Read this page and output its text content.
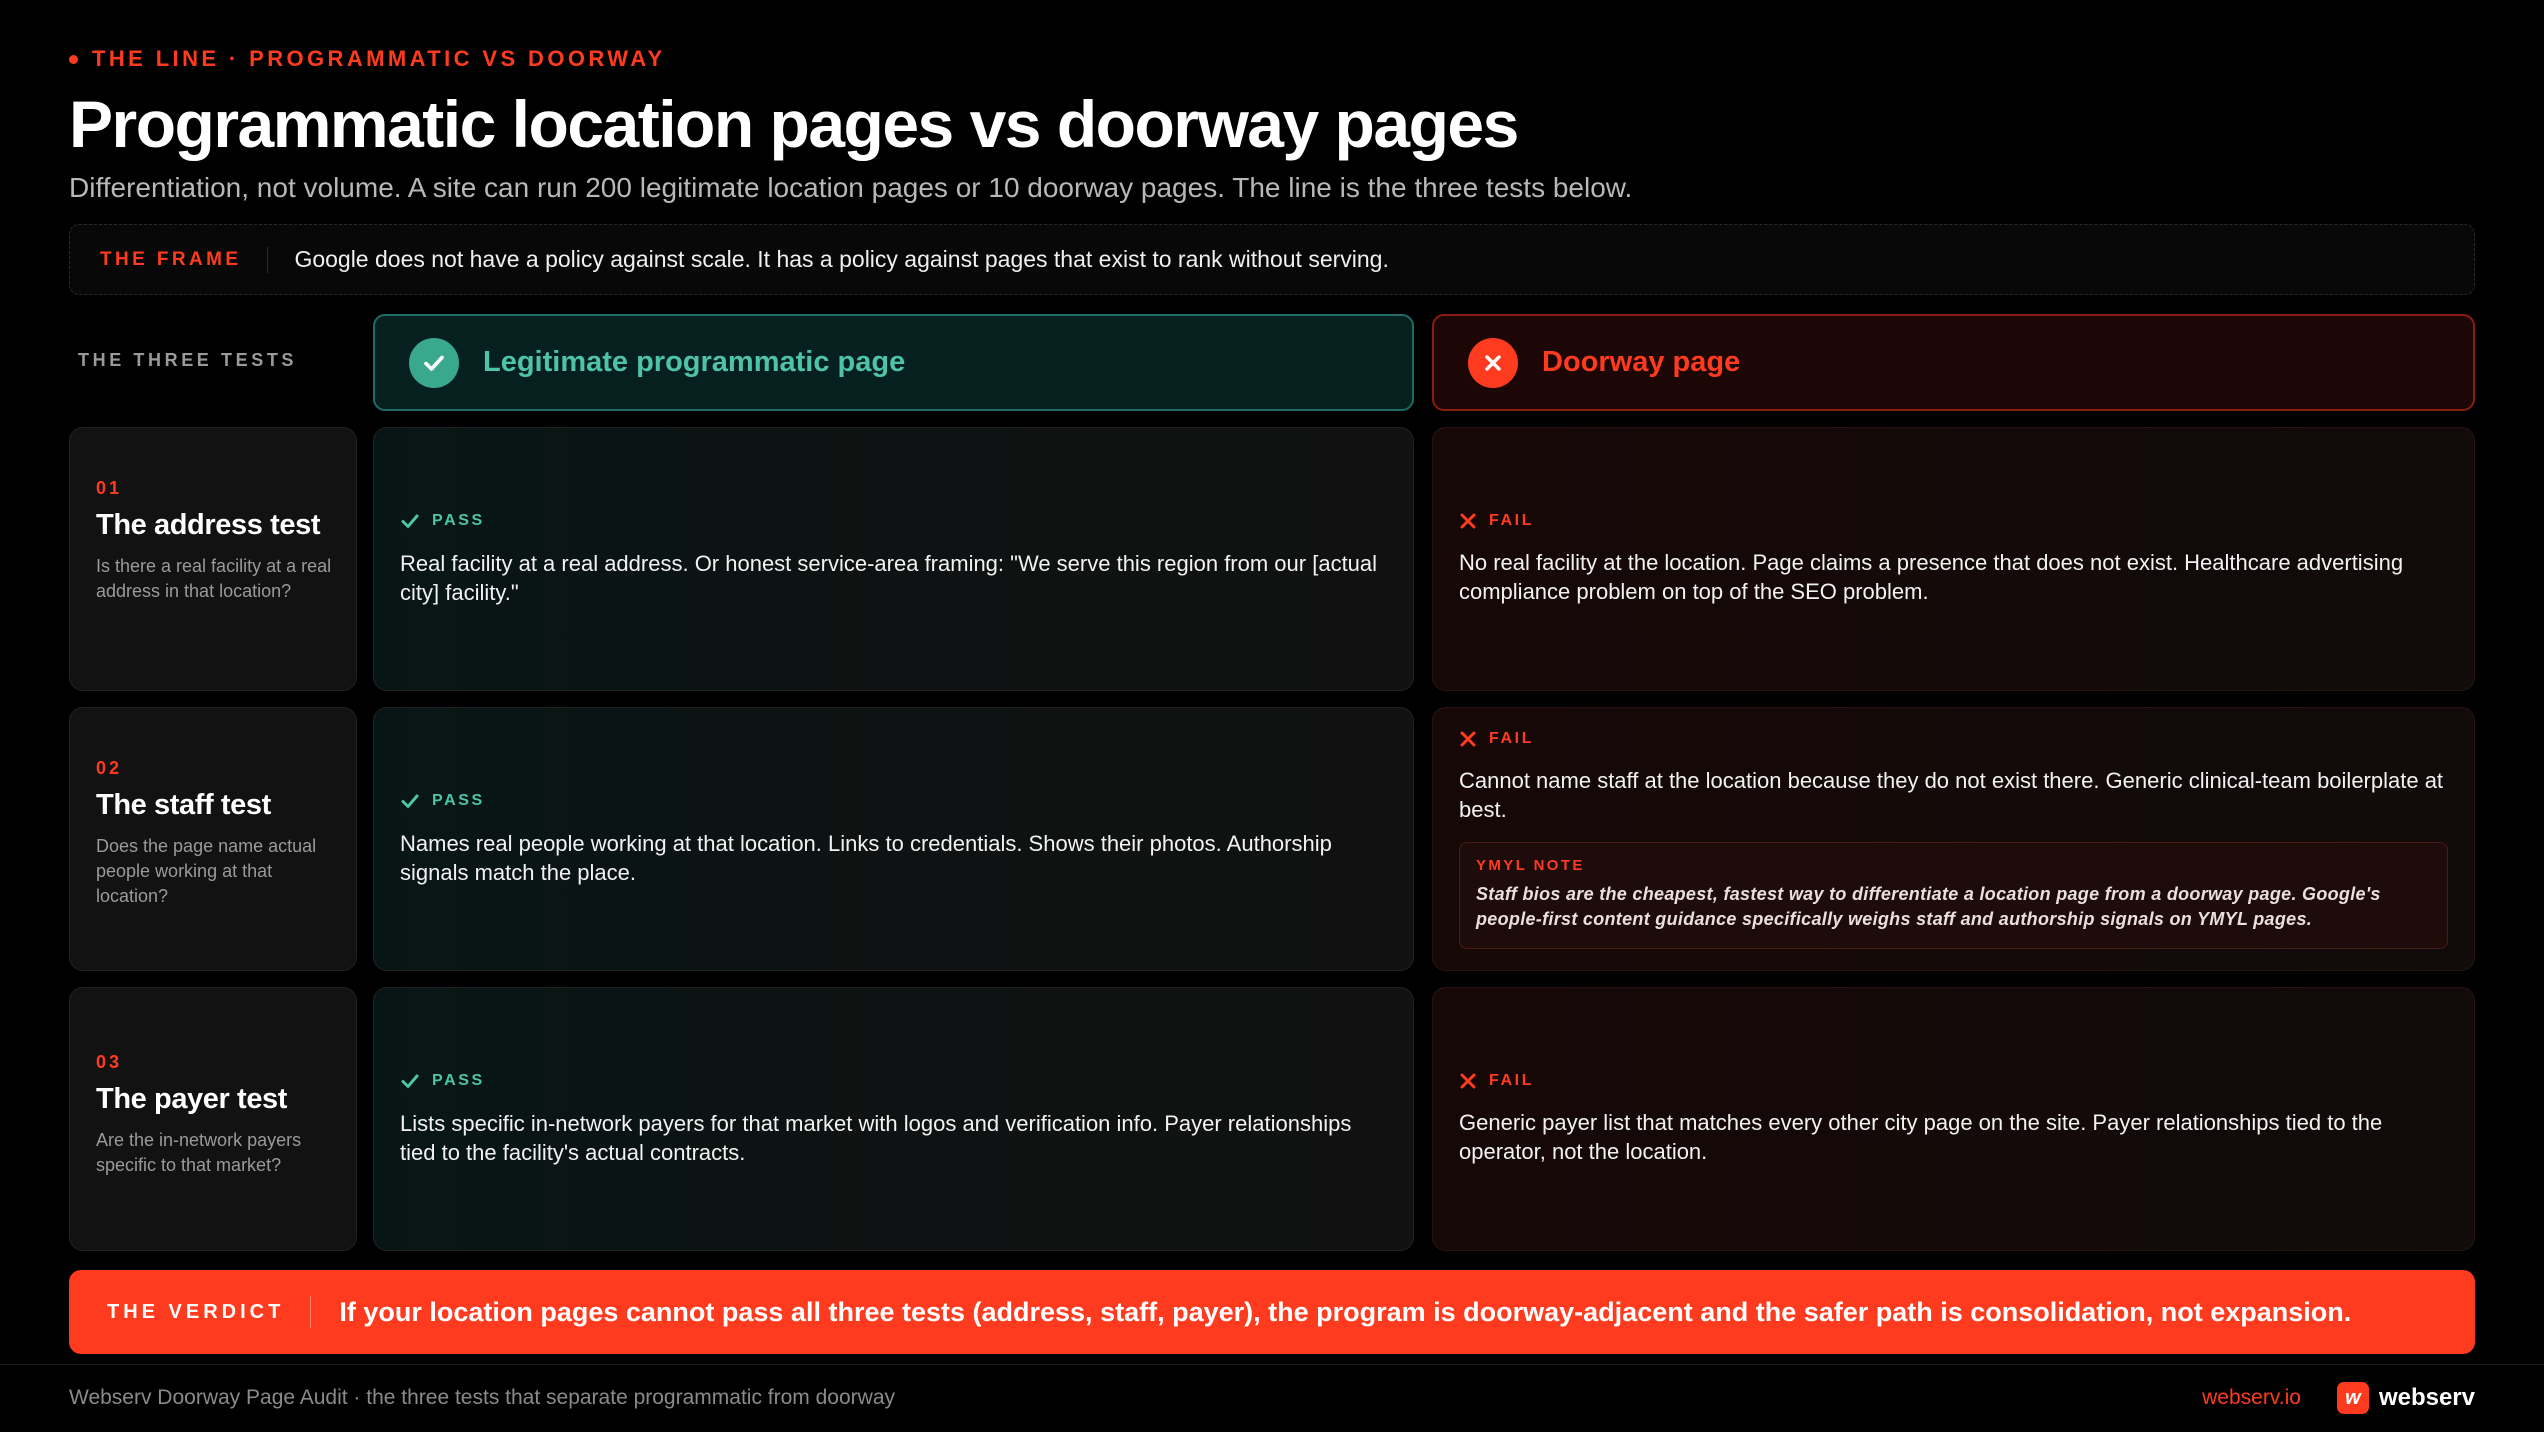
THE LINE · PROGRAMMATIC VS DOORWAY
Programmatic location pages vs doorway pages

Differentiation, not volume. A site can run 200 legitimate location pages or 10 doorway pages. The line is the three tests below.

THE FRAME	Google does not have a policy against scale. It has a policy against pages that exist to rank without serving.
THE THREE TESTS	Legitimate programmatic page	Doorway page
01
The address test
Is there a real facility at a real address in that location?
PASS
Real facility at a real address. Or honest service-area framing: "We serve this region from our [actual city] facility."
FAIL
No real facility at the location. Page claims a presence that does not exist. Healthcare advertising compliance problem on top of the SEO problem.
02
The staff test
Does the page name actual people working at that location?
PASS
Names real people working at that location. Links to credentials. Shows their photos. Authorship signals match the place.
FAIL
Cannot name staff at the location because they do not exist there. Generic clinical-team boilerplate at best.
YMYL NOTE
Staff bios are the cheapest, fastest way to differentiate a location page from a doorway page. Google's people-first content guidance specifically weighs staff and authorship signals on YMYL pages.
03
The payer test
Are the in-network payers specific to that market?
PASS
Lists specific in-network payers for that market with logos and verification info. Payer relationships tied to the facility's actual contracts.
FAIL
Generic payer list that matches every other city page on the site. Payer relationships tied to the operator, not the location.
THE VERDICT	If your location pages cannot pass all three tests (address, staff, payer), the program is doorway-adjacent and the safer path is consolidation, not expansion.
Webserv Doorway Page Audit · the three tests that separate programmatic from doorway	webserv.io	w webserv
